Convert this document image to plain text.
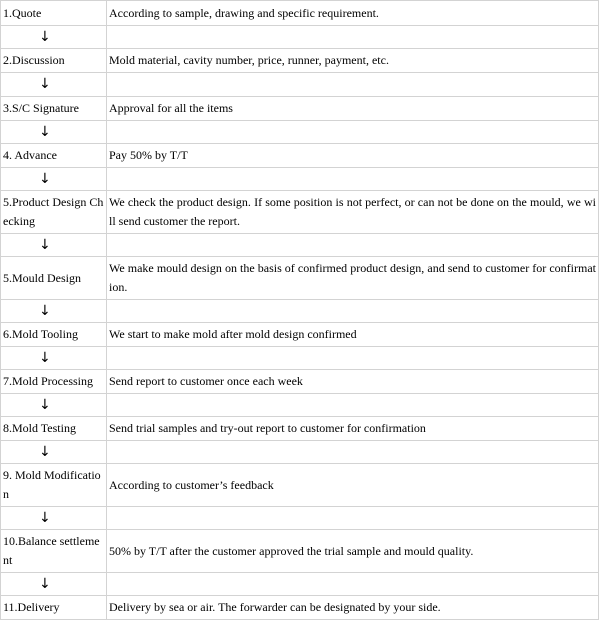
1.Quote	According to sample, drawing and specific requirement.
↓	
2.Discussion	Mold material, cavity number, price, runner, payment, etc.
↓	
3.S/C Signature	Approval for all the items
↓	
4. Advance	Pay 50% by T/T
↓	
5.Product Design Checking	We check the product design. If some position is not perfect, or can not be done on the mould, we will send customer the report.
↓	
5.Mould Design	We make mould design on the basis of confirmed product design, and send to customer for confirmation.
↓	
6.Mold Tooling	We start to make mold after mold design confirmed
↓	
7.Mold Processing	Send report to customer once each week
↓	
8.Mold Testing	Send trial samples and try-out report to customer for confirmation
↓	
9. Mold Modification	According to customer’s feedback
↓	
10.Balance settlement	50% by T/T after the customer approved the trial sample and mould quality.
↓	
11.Delivery	Delivery by sea or air. The forwarder can be designated by your side.
